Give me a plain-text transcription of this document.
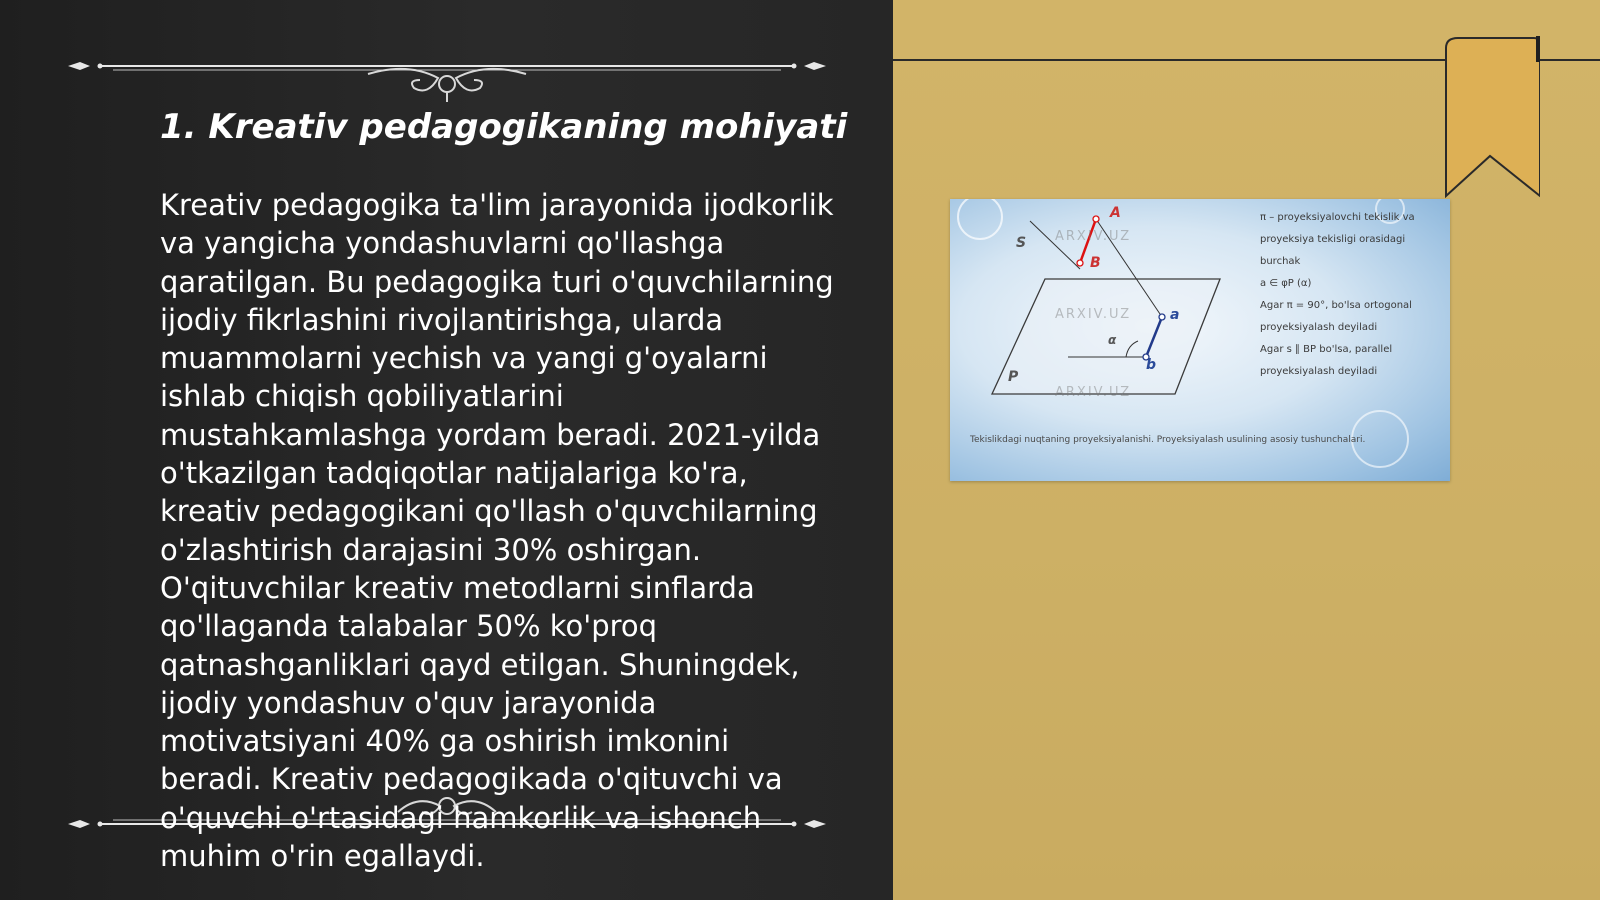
1. Kreativ pedagogikaning mohiyati

Kreativ pedagogika ta'lim jarayonida ijodkorlik va yangicha yondashuvlarni qo'llashga qaratilgan. Bu pedagogika turi o'quvchilarning ijodiy fikrlashini rivojlantirishga, ularda muammolarni yechish va yangi g'oyalarni ishlab chiqish qobiliyatlarini mustahkamlashga yordam beradi. 2021-yilda o'tkazilgan tadqiqotlar natijalariga ko'ra, kreativ pedagogikani qo'llash o'quvchilarning o'zlashtirish darajasini 30% oshirgan. O'qituvchilar kreativ metodlarni sinflarda qo'llaganda talabalar 50% ko'proq qatnashganliklari qayd etilgan. Shuningdek, ijodiy yondashuv o'quv jarayonida motivatsiyani 40% ga oshirish imkonini beradi. Kreativ pedagogikada o'qituvchi va o'quvchi o'rtasidagi hamkorlik va ishonch muhim o'rin egallaydi.

A
B
S
a
b
P
α
ARXIV.UZ
ARXIV.UZ
ARXIV.UZ
π – proyeksiyalovchi tekislik va
proyeksiya tekisligi orasidagi
burchak
a ∈ φP (α)
Agar π = 90°, bo'lsa ortogonal
proyeksiyalash deyiladi
Agar s ∥ BP bo'lsa, parallel
proyeksiyalash deyiladi
Tekislikdagi nuqtaning proyeksiyalanishi. Proyeksiyalash usulining asosiy tushunchalari.
